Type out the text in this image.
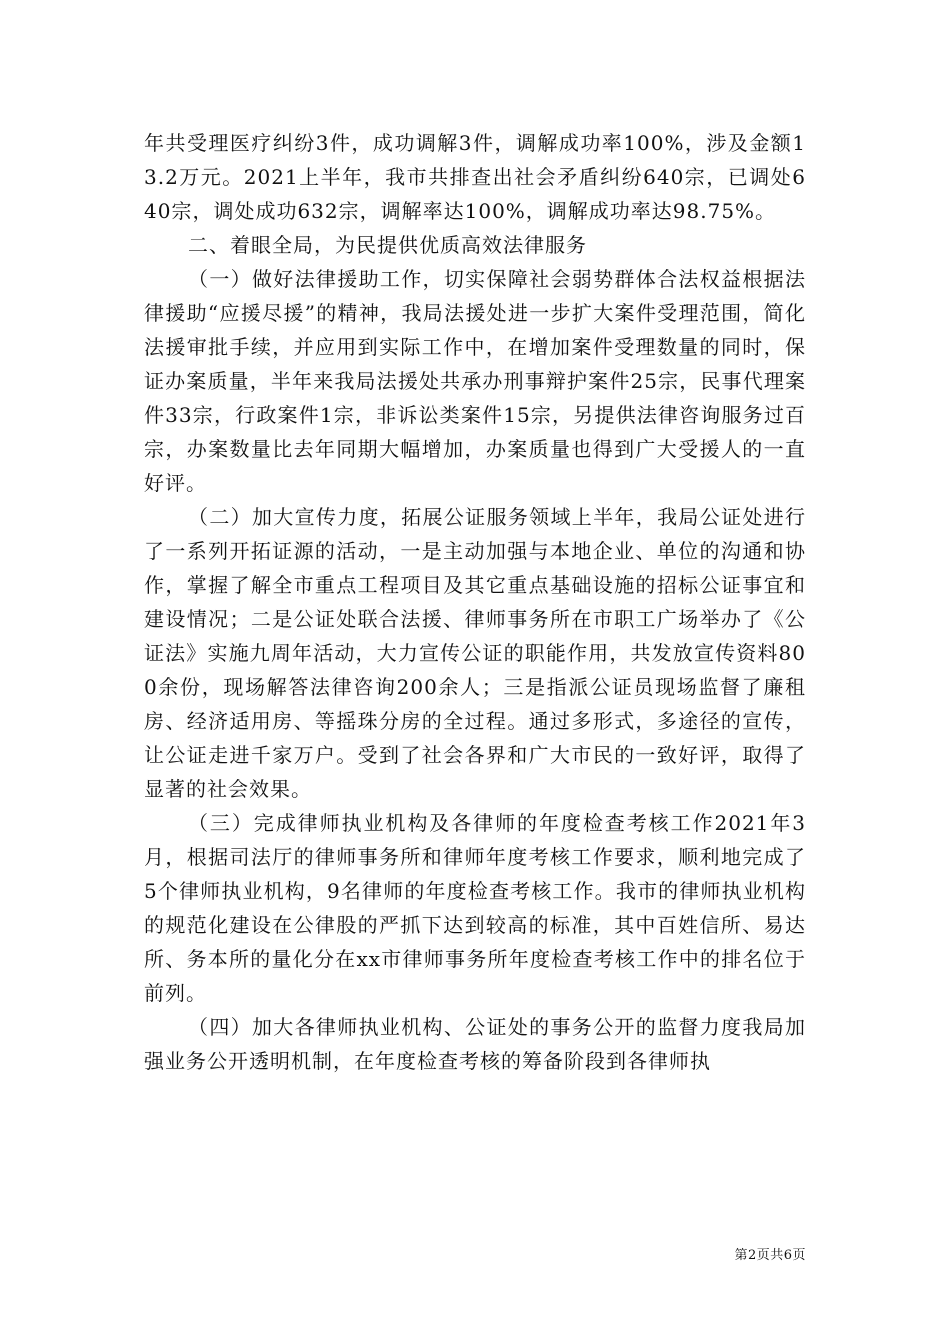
年共受理医疗纠纷3件，成功调解3件，调解成功率100%，涉及金额13.2万元。2021上半年，我市共排查出社会矛盾纠纷640宗，已调处640宗，调处成功632宗，调解率达100%，调解成功率达98.75%。

二、着眼全局，为民提供优质高效法律服务

（一）做好法律援助工作，切实保障社会弱势群体合法权益根据法律援助“应援尽援”的精神，我局法援处进一步扩大案件受理范围，简化法援审批手续，并应用到实际工作中，在增加案件受理数量的同时，保证办案质量，半年来我局法援处共承办刑事辩护案件25宗，民事代理案件33宗，行政案件1宗，非诉讼类案件15宗，另提供法律咨询服务过百宗，办案数量比去年同期大幅增加，办案质量也得到广大受援人的一直好评。

（二）加大宣传力度，拓展公证服务领域上半年，我局公证处进行了一系列开拓证源的活动，一是主动加强与本地企业、单位的沟通和协作，掌握了解全市重点工程项目及其它重点基础设施的招标公证事宜和建设情况；二是公证处联合法援、律师事务所在市职工广场举办了《公证法》实施九周年活动，大力宣传公证的职能作用，共发放宣传资料800余份，现场解答法律咨询200余人；三是指派公证员现场监督了廉租房、经济适用房、等摇珠分房的全过程。通过多形式，多途径的宣传，让公证走进千家万户。受到了社会各界和广大市民的一致好评，取得了显著的社会效果。

（三）完成律师执业机构及各律师的年度检查考核工作2021年3月，根据司法厅的律师事务所和律师年度考核工作要求，顺利地完成了5个律师执业机构，9名律师的年度检查考核工作。我市的律师执业机构的规范化建设在公律股的严抓下达到较高的标准，其中百姓信所、易达所、务本所的量化分在xx市律师事务所年度检查考核工作中的排名位于前列。

（四）加大各律师执业机构、公证处的事务公开的监督力度我局加强业务公开透明机制，在年度检查考核的筹备阶段到各律师执

第2页共6页
